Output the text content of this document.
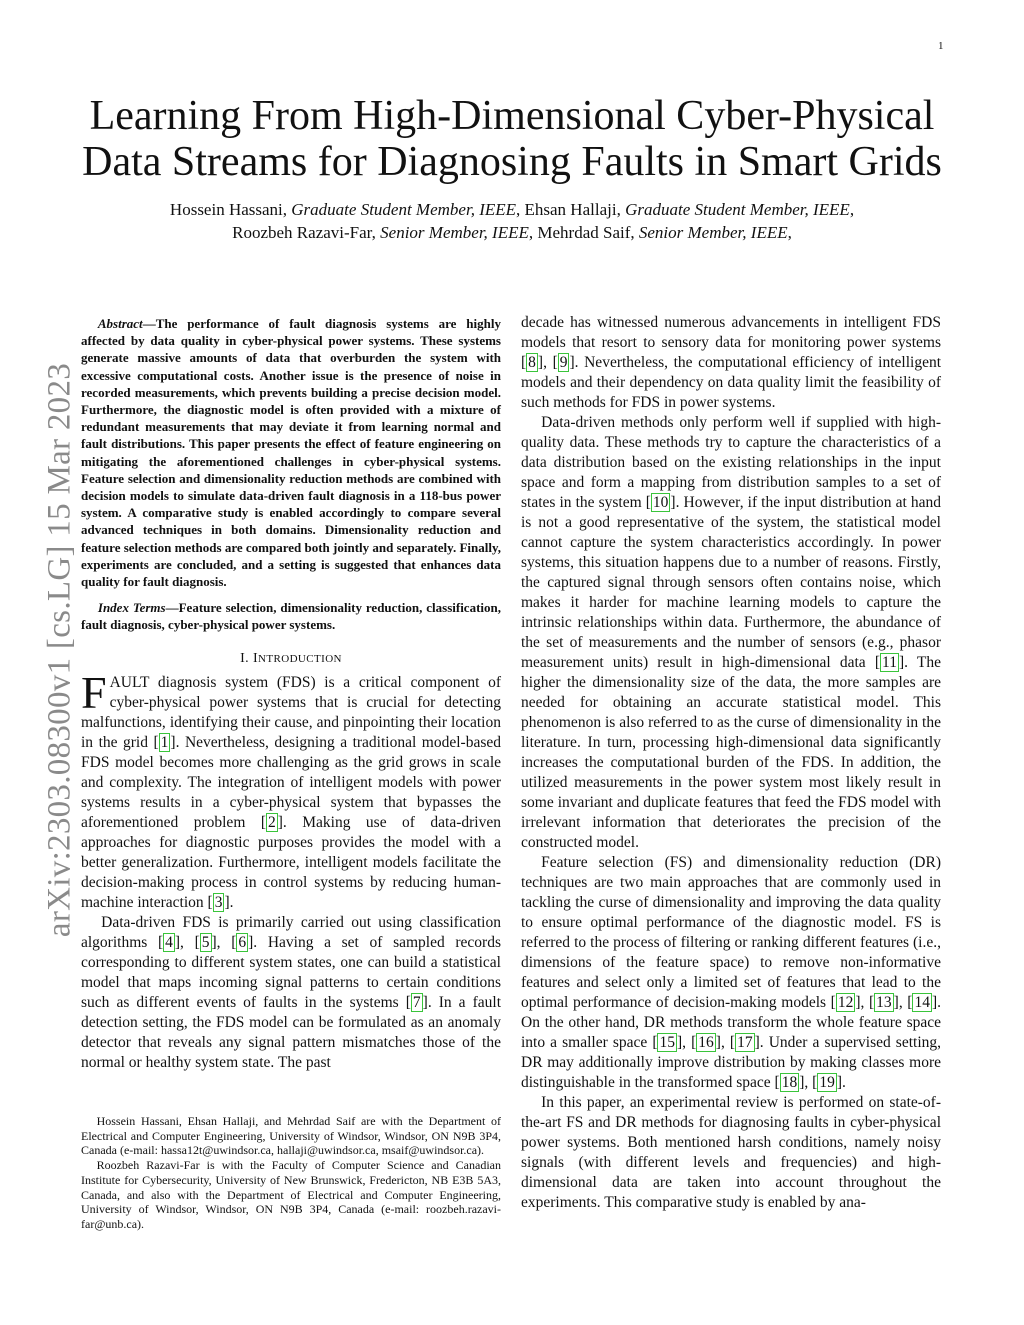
1
arXiv:2303.08300v1 [cs.LG] 15 Mar 2023
Learning From High-Dimensional Cyber-Physical
Data Streams for Diagnosing Faults in Smart Grids
Hossein Hassani, Graduate Student Member, IEEE, Ehsan Hallaji, Graduate Student Member, IEEE,
Roozbeh Razavi-Far, Senior Member, IEEE, Mehrdad Saif, Senior Member, IEEE,

Abstract—The performance of fault diagnosis systems are highly affected by data quality in cyber-physical power systems. These systems generate massive amounts of data that overburden the system with excessive computational costs. Another issue is the presence of noise in recorded measurements, which prevents building a precise decision model. Furthermore, the diagnostic model is often provided with a mixture of redundant measurements that may deviate it from learning normal and fault distributions. This paper presents the effect of feature engineering on mitigating the aforementioned challenges in cyber-physical systems. Feature selection and dimensionality reduction methods are combined with decision models to simulate data-driven fault diagnosis in a 118-bus power system. A comparative study is enabled accordingly to compare several advanced techniques in both domains. Dimensionality reduction and feature selection methods are compared both jointly and separately. Finally, experiments are concluded, and a setting is suggested that enhances data quality for fault diagnosis.

Index Terms—Feature selection, dimensionality reduction, classification, fault diagnosis, cyber-physical power systems.

I. INTRODUCTION

FAULT diagnosis system (FDS) is a critical component of cyber-physical power systems that is crucial for detecting malfunctions, identifying their cause, and pinpointing their location in the grid [ 1 ]. Nevertheless, designing a traditional model-based FDS model becomes more challenging as the grid grows in scale and complexity. The integration of intelligent models with power systems results in a cyber-physical system that bypasses the aforementioned problem [ 2 ]. Making use of data-driven approaches for diagnostic purposes provides the model with a better generalization. Furthermore, intelligent models facilitate the decision-making process in control systems by reducing human-machine interaction [ 3 ].

Data-driven FDS is primarily carried out using classification algorithms [ 4 ], [ 5 ], [ 6 ]. Having a set of sampled records corresponding to different system states, one can build a statistical model that maps incoming signal patterns to certain conditions such as different events of faults in the systems [ 7 ]. In a fault detection setting, the FDS model can be formulated as an anomaly detector that reveals any signal pattern mismatches those of the normal or healthy system state. The past

Hossein Hassani, Ehsan Hallaji, and Mehrdad Saif are with the Department of Electrical and Computer Engineering, University of Windsor, Windsor, ON N9B 3P4, Canada (e-mail: hassa12t@uwindsor.ca, hallaji@uwindsor.ca, msaif@uwindsor.ca).

Roozbeh Razavi-Far is with the Faculty of Computer Science and Canadian Institute for Cybersecurity, University of New Brunswick, Fredericton, NB E3B 5A3, Canada, and also with the Department of Electrical and Computer Engineering, University of Windsor, Windsor, ON N9B 3P4, Canada (e-mail: roozbeh.razavi-far@unb.ca).

decade has witnessed numerous advancements in intelligent FDS models that resort to sensory data for monitoring power systems [ 8 ], [ 9 ]. Nevertheless, the computational efficiency of intelligent models and their dependency on data quality limit the feasibility of such methods for FDS in power systems.

Data-driven methods only perform well if supplied with high-quality data. These methods try to capture the characteristics of a data distribution based on the existing relationships in the input space and form a mapping from distribution samples to a set of states in the system [ 10 ]. However, if the input distribution at hand is not a good representative of the system, the statistical model cannot capture the system characteristics accordingly. In power systems, this situation happens due to a number of reasons. Firstly, the captured signal through sensors often contains noise, which makes it harder for machine learning models to capture the intrinsic relationships within data. Furthermore, the abundance of the set of measurements and the number of sensors (e.g., phasor measurement units) result in high-dimensional data [ 11 ]. The higher the dimensionality size of the data, the more samples are needed for obtaining an accurate statistical model. This phenomenon is also referred to as the curse of dimensionality in the literature. In turn, processing high-dimensional data significantly increases the computational burden of the FDS. In addition, the utilized measurements in the power system most likely result in some invariant and duplicate features that feed the FDS model with irrelevant information that deteriorates the precision of the constructed model.

Feature selection (FS) and dimensionality reduction (DR) techniques are two main approaches that are commonly used in tackling the curse of dimensionality and improving the data quality to ensure optimal performance of the diagnostic model. FS is referred to the process of filtering or ranking different features (i.e., dimensions of the feature space) to remove non-informative features and select only a limited set of features that lead to the optimal performance of decision-making models [ 12 ], [ 13 ], [ 14 ]. On the other hand, DR methods transform the whole feature space into a smaller space [ 15 ], [ 16 ], [ 17 ]. Under a supervised setting, DR may additionally improve distribution by making classes more distinguishable in the transformed space [ 18 ], [ 19 ].

In this paper, an experimental review is performed on state-of-the-art FS and DR methods for diagnosing faults in cyber-physical power systems. Both mentioned harsh conditions, namely noisy signals (with different levels and frequencies) and high-dimensional data are taken into account throughout the experiments. This comparative study is enabled by ana-
